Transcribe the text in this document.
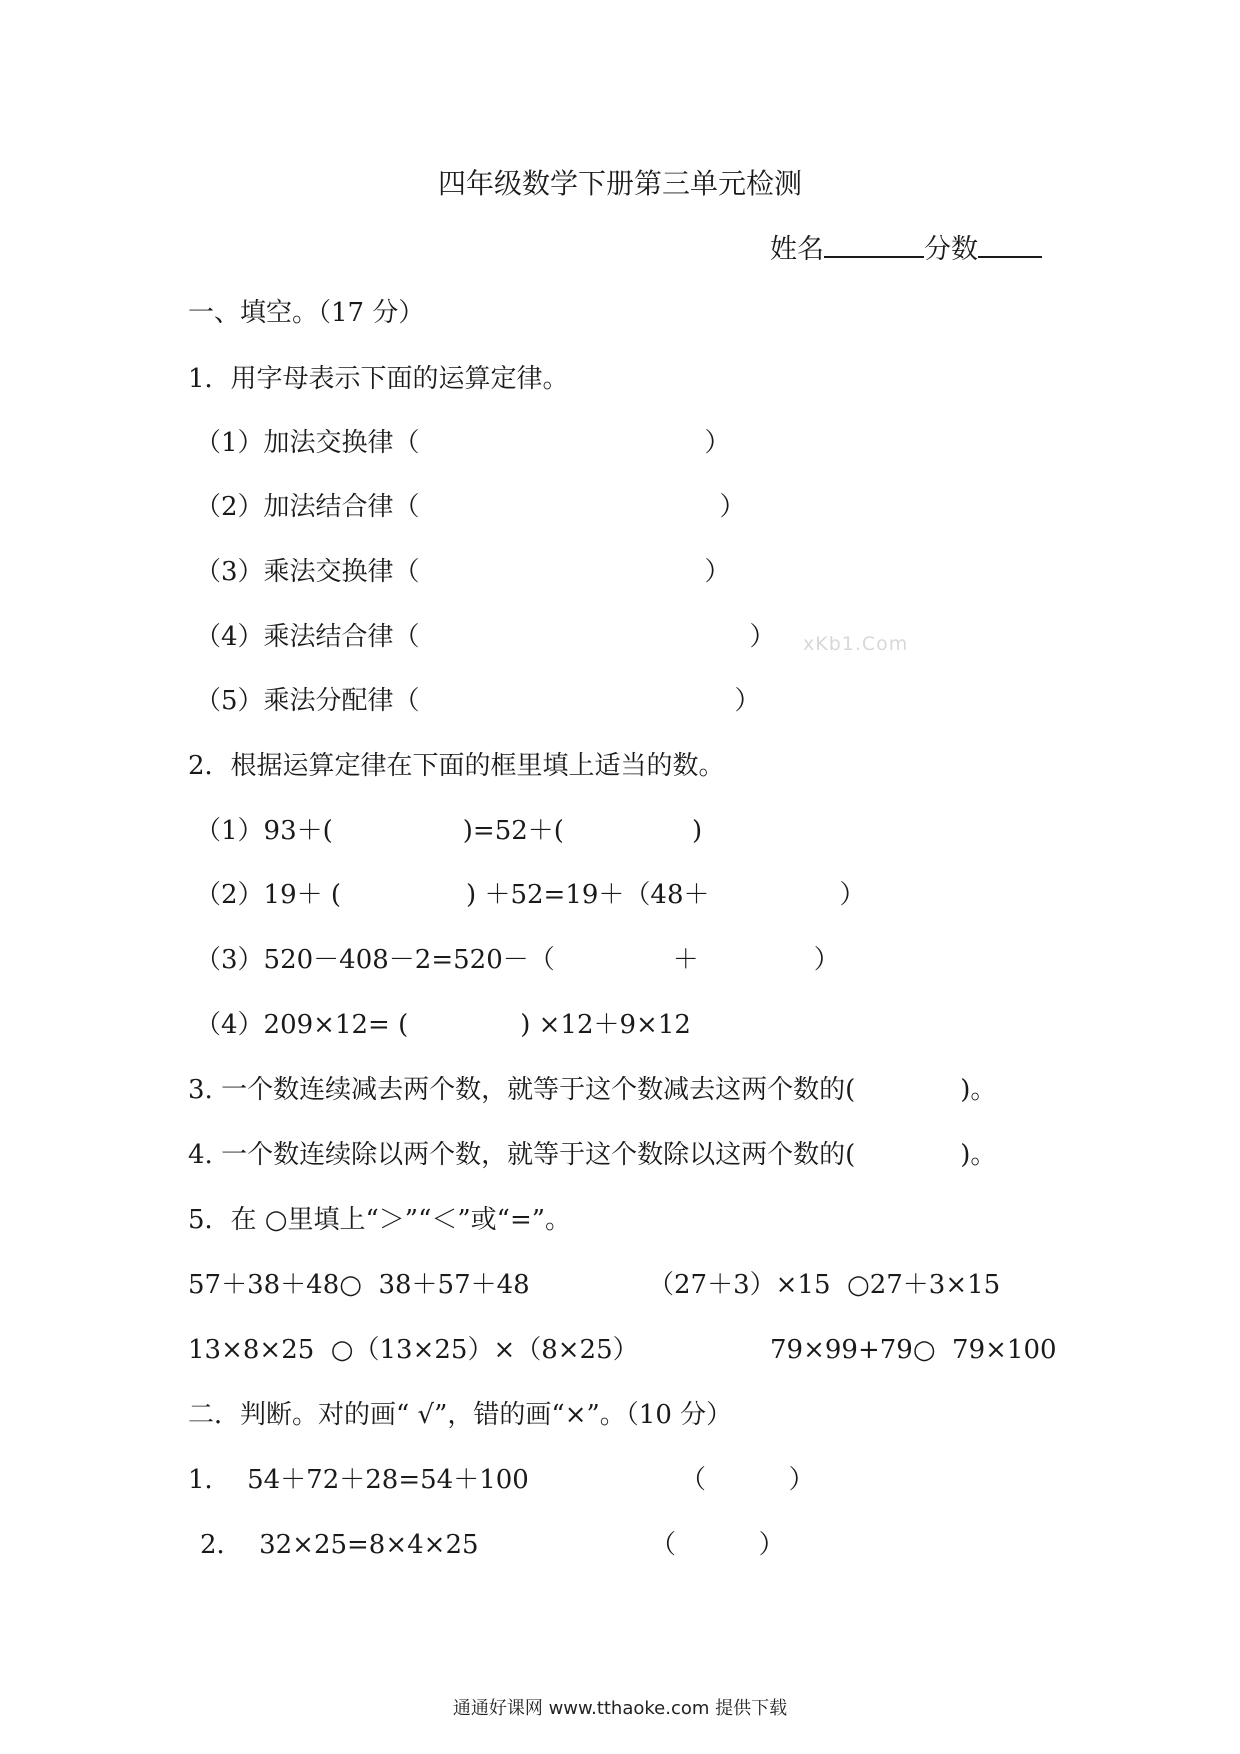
四年级数学下册第三单元检测
姓名	分数
一、填空。（17 分）
1．用字母表示下面的运算定律。
（1）加法交换律（	）
（2）加法结合律（	）
（3）乘法交换律（	）
（4）乘法结合律（	） xKb1.Com
（5）乘法分配律（	）
2．根据运算定律在下面的框里填上适当的数。
（1）93＋(	)=52＋(	)
（2）19＋ (	) ＋52=19＋（48＋	）
（3）520－408－2=520－（	＋	）
（4）209×12= (	) ×12＋9×12
3. 一个数连续减去两个数，就等于这个数减去这两个数的(	)。
4. 一个数连续除以两个数，就等于这个数除以这两个数的(	)。
5．在 ○里填上“＞”“＜”或“=”。
57＋38＋48○  38＋57＋48	（27＋3）×15  ○27＋3×15
13×8×25  ○（13×25）×（8×25）	79×99+79○  79×100
二．判断。对的画“ √”，错的画“×”。（10 分）
1．  54＋72＋28=54＋100	（          ）
2．  32×25=8×4×25	（          ）
通通好课网 www.tthaoke.com 提供下载
